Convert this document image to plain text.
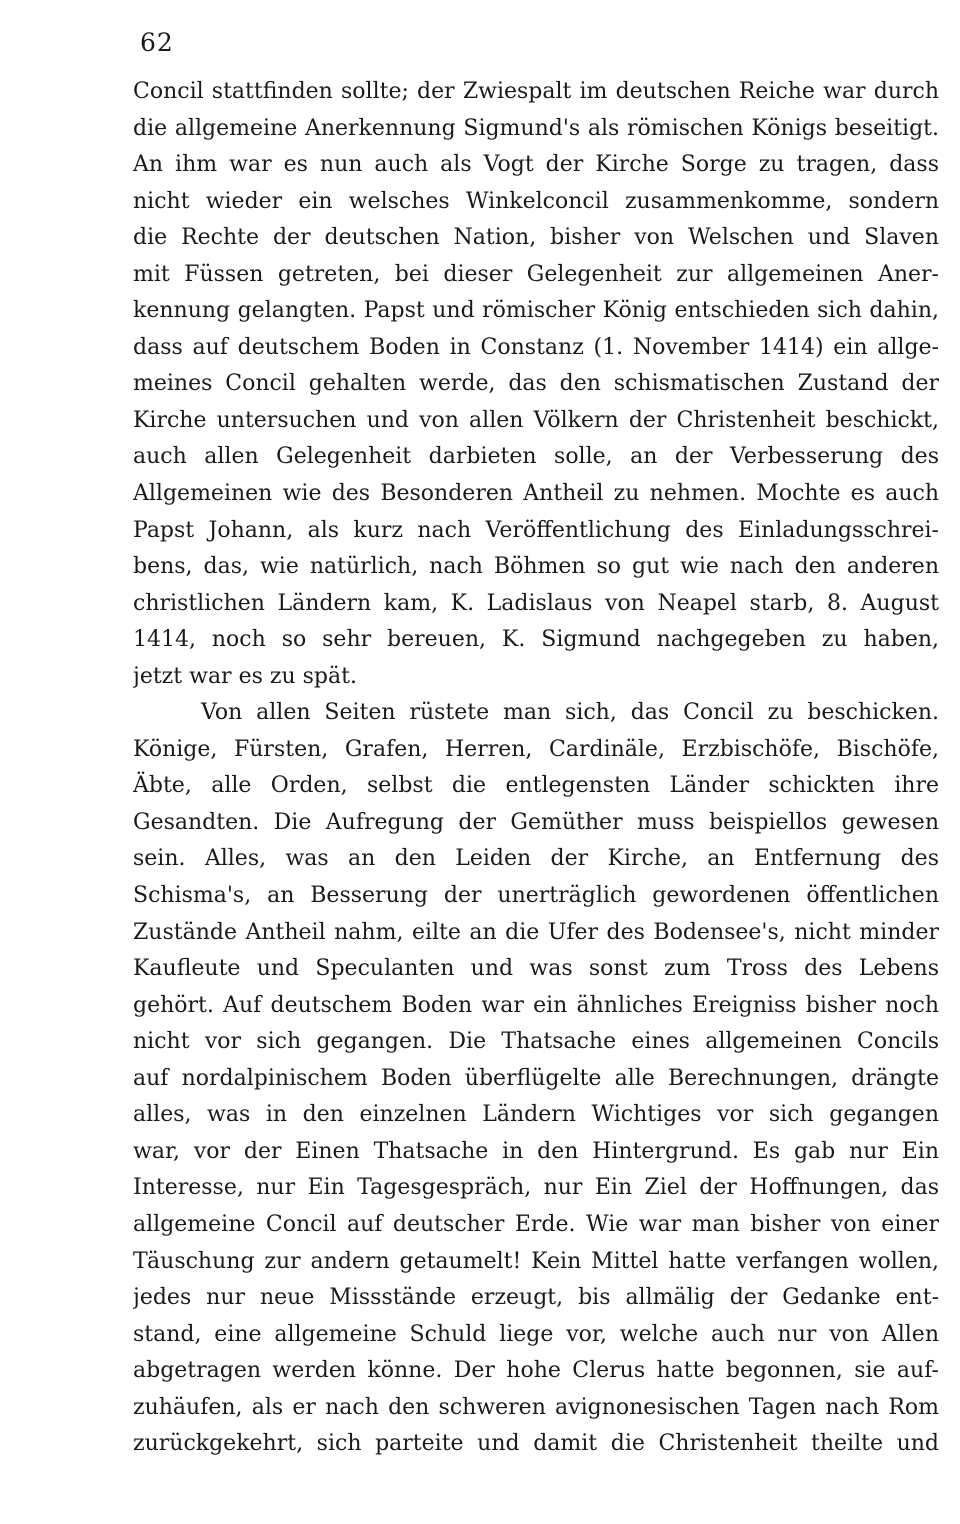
62
Concil stattfinden sollte; der Zwiespalt im deutschen Reiche war durch
die allgemeine Anerkennung Sigmund's als römischen Königs beseitigt.
An ihm war es nun auch als Vogt der Kirche Sorge zu tragen, dass
nicht wieder ein welsches Winkelconcil zusammenkomme, sondern
die Rechte der deutschen Nation, bisher von Welschen und Slaven
mit Füssen getreten, bei dieser Gelegenheit zur allgemeinen Aner-
kennung gelangten. Papst und römischer König entschieden sich dahin,
dass auf deutschem Boden in Constanz (1. November 1414) ein allge-
meines Concil gehalten werde, das den schismatischen Zustand der
Kirche untersuchen und von allen Völkern der Christenheit beschickt,
auch allen Gelegenheit darbieten solle, an der Verbesserung des
Allgemeinen wie des Besonderen Antheil zu nehmen. Mochte es auch
Papst Johann, als kurz nach Veröffentlichung des Einladungsschrei-
bens, das, wie natürlich, nach Böhmen so gut wie nach den anderen
christlichen Ländern kam, K. Ladislaus von Neapel starb, 8. August
1414, noch so sehr bereuen, K. Sigmund nachgegeben zu haben,
jetzt war es zu spät.
Von allen Seiten rüstete man sich, das Concil zu beschicken.
Könige, Fürsten, Grafen, Herren, Cardinäle, Erzbischöfe, Bischöfe,
Äbte, alle Orden, selbst die entlegensten Länder schickten ihre
Gesandten. Die Aufregung der Gemüther muss beispiellos gewesen
sein. Alles, was an den Leiden der Kirche, an Entfernung des
Schisma's, an Besserung der unerträglich gewordenen öffentlichen
Zustände Antheil nahm, eilte an die Ufer des Bodensee's, nicht minder
Kaufleute und Speculanten und was sonst zum Tross des Lebens
gehört. Auf deutschem Boden war ein ähnliches Ereigniss bisher noch
nicht vor sich gegangen. Die Thatsache eines allgemeinen Concils
auf nordalpinischem Boden überflügelte alle Berechnungen, drängte
alles, was in den einzelnen Ländern Wichtiges vor sich gegangen
war, vor der Einen Thatsache in den Hintergrund. Es gab nur Ein
Interesse, nur Ein Tagesgespräch, nur Ein Ziel der Hoffnungen, das
allgemeine Concil auf deutscher Erde. Wie war man bisher von einer
Täuschung zur andern getaumelt! Kein Mittel hatte verfangen wollen,
jedes nur neue Missstände erzeugt, bis allmälig der Gedanke ent-
stand, eine allgemeine Schuld liege vor, welche auch nur von Allen
abgetragen werden könne. Der hohe Clerus hatte begonnen, sie auf-
zuhäufen, als er nach den schweren avignonesischen Tagen nach Rom
zurückgekehrt, sich parteite und damit die Christenheit theilte und
